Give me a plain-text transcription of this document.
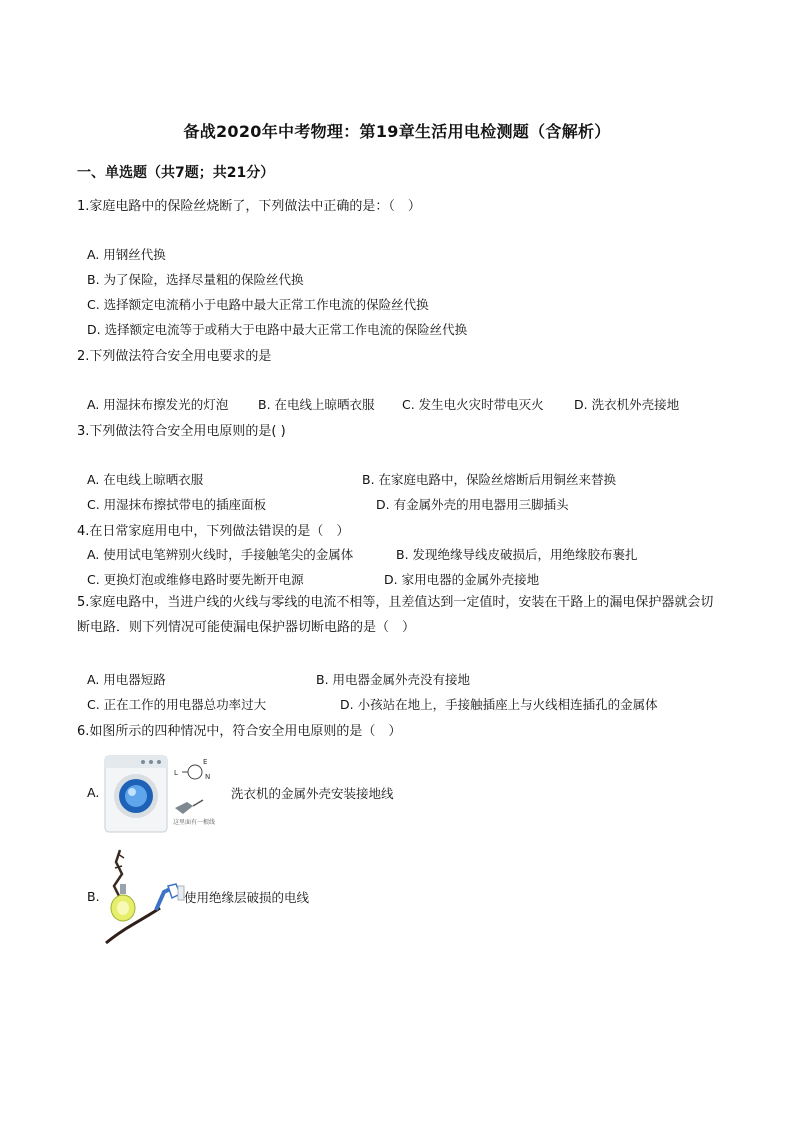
备战2020年中考物理：第19章生活用电检测题（含解析）
一、单选题（共7题；共21分）
1.家庭电路中的保险丝烧断了，下列做法中正确的是：（　）
A. 用钢丝代换
B. 为了保险，选择尽量粗的保险丝代换
C. 选择额定电流稍小于电路中最大正常工作电流的保险丝代换
D. 选择额定电流等于或稍大于电路中最大正常工作电流的保险丝代换
2.下列做法符合安全用电要求的是
A. 用湿抹布擦发光的灯泡 B. 在电线上晾晒衣服 C. 发生电火灾时带电灭火 D. 洗衣机外壳接地
3.下列做法符合安全用电原则的是( )
A. 在电线上晾晒衣服	B. 在家庭电路中，保险丝熔断后用铜丝来替换
C. 用湿抹布擦拭带电的插座面板	D. 有金属外壳的用电器用三脚插头
4.在日常家庭用电中，下列做法错误的是（　）
A. 使用试电笔辨别火线时，手接触笔尖的金属体	B. 发现绝缘导线皮破损后，用绝缘胶布裹扎
C. 更换灯泡或维修电路时要先断开电源	D. 家用电器的金属外壳接地
5.家庭电路中，当进户线的火线与零线的电流不相等，且差值达到一定值时，安装在干路上的漏电保护器就会切断电路．则下列情况可能使漏电保护器切断电路的是（　）
A. 用电器短路	B. 用电器金属外壳没有接地
C. 正在工作的用电器总功率过大	D. 小孩站在地上，手接触插座上与火线相连插孔的金属体
6.如图所示的四种情况中，符合安全用电原则的是（　）
A.
L
E
N
这里面有一根线
洗衣机的金属外壳安装接地线
B.	使用绝缘层破损的电线
